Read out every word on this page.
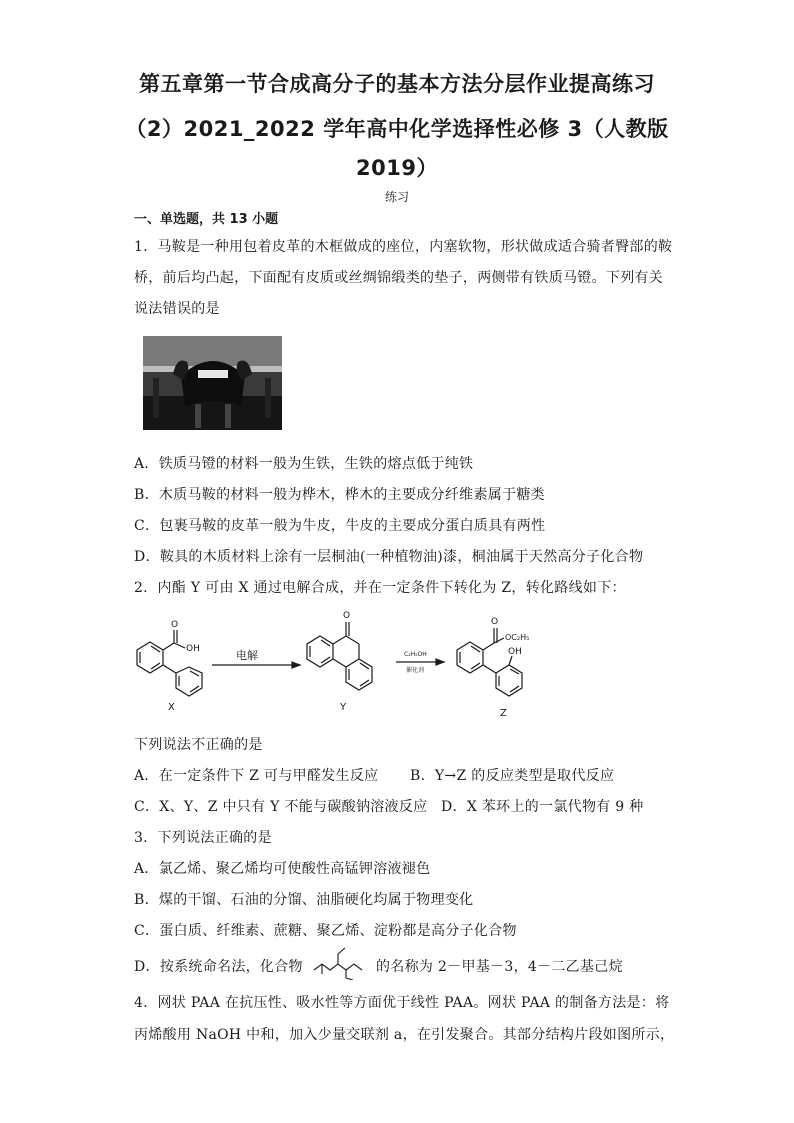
第五章第一节合成高分子的基本方法分层作业提高练习
（2）2021_2022 学年高中化学选择性必修 3（人教版
2019）
练习
一、单选题，共 13 小题
1．马鞍是一种用包着皮革的木框做成的座位，内塞软物，形状做成适合骑者臀部的鞍
桥，前后均凸起，下面配有皮质或丝绸锦缎类的垫子，两侧带有铁质马镫。下列有关
说法错误的是
A．铁质马镫的材料一般为生铁，生铁的熔点低于纯铁
B．木质马鞍的材料一般为桦木，桦木的主要成分纤维素属于糖类
C．包裹马鞍的皮革一般为牛皮，牛皮的主要成分蛋白质具有两性
D．鞍具的木质材料上涂有一层桐油(一种植物油)漆，桐油属于天然高分子化合物
2．内酯 Y 可由 X 通过电解合成，并在一定条件下转化为 Z，转化路线如下：
O
OH
X
电解
O
Y
C₂H₅OH
催化剂
O
OC₂H₅
OH
Z
下列说法不正确的是
A．在一定条件下 Z 可与甲醛发生反应 B．Y→Z 的反应类型是取代反应
C．X、Y、Z 中只有 Y 不能与碳酸钠溶液反应 D．X 苯环上的一氯代物有 9 种
3．下列说法正确的是
A．氯乙烯、聚乙烯均可使酸性高锰钾溶液褪色
B．煤的干馏、石油的分馏、油脂硬化均属于物理变化
C．蛋白质、纤维素、蔗糖、聚乙烯、淀粉都是高分子化合物
D．按系统命名法，化合物	的名称为 2－甲基－3，4－二乙基己烷
4．网状 PAA 在抗压性、吸水性等方面优于线性 PAA。网状 PAA 的制备方法是：将
丙烯酸用 NaOH 中和，加入少量交联剂 a，在引发聚合。其部分结构片段如图所示，
